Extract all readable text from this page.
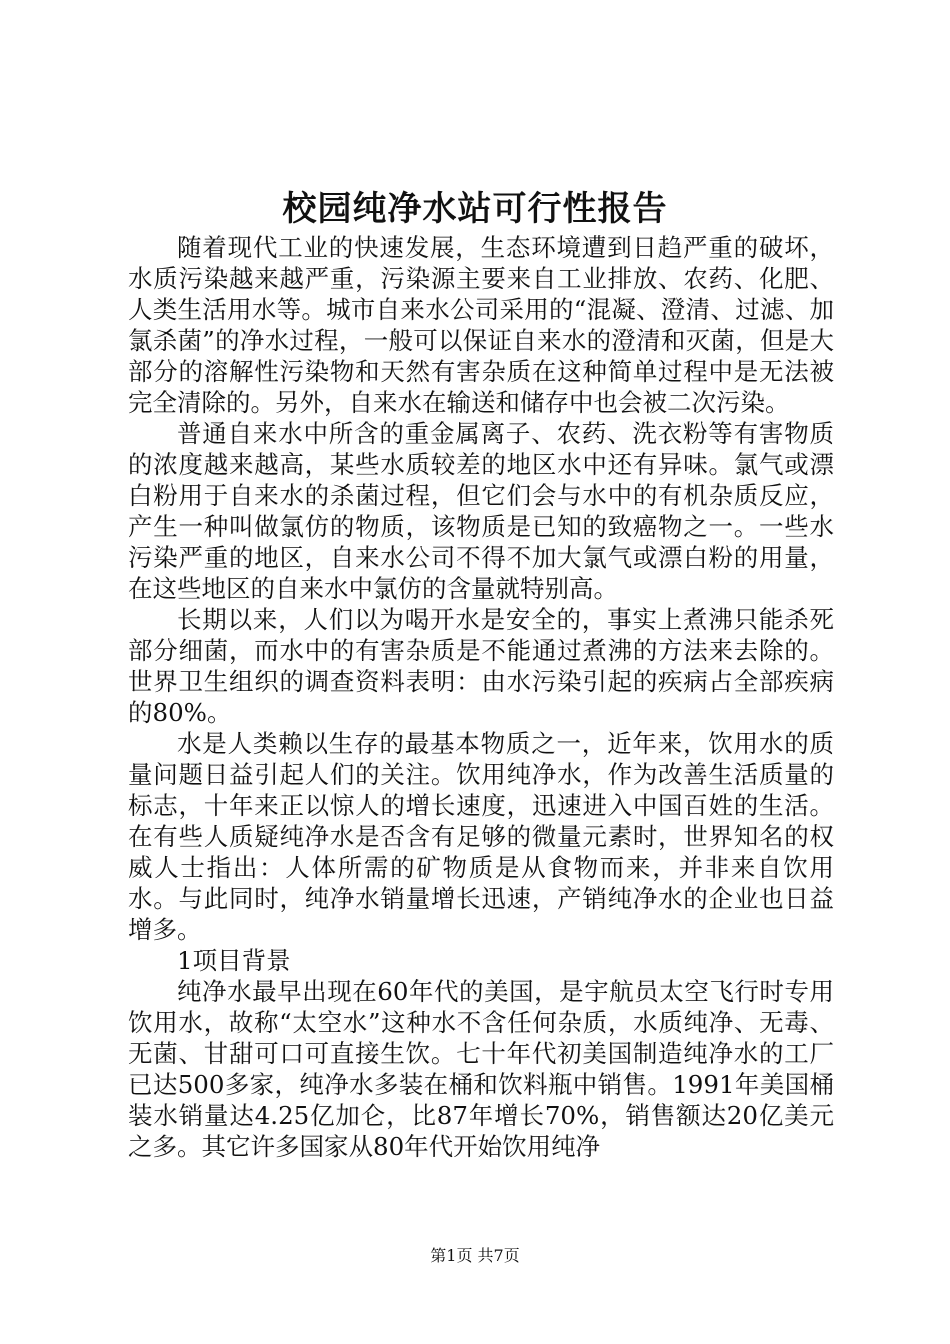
校园纯净水站可行性报告

随着现代工业的快速发展，生态环境遭到日趋严重的破坏，水质污染越来越严重，污染源主要来自工业排放、农药、化肥、人类生活用水等。城市自来水公司采用的“混凝、澄清、过滤、加氯杀菌”的净水过程，一般可以保证自来水的澄清和灭菌，但是大部分的溶解性污染物和天然有害杂质在这种简单过程中是无法被完全清除的。另外，自来水在输送和储存中也会被二次污染。

普通自来水中所含的重金属离子、农药、洗衣粉等有害物质的浓度越来越高，某些水质较差的地区水中还有异味。氯气或漂白粉用于自来水的杀菌过程，但它们会与水中的有机杂质反应，产生一种叫做氯仿的物质，该物质是已知的致癌物之一。一些水污染严重的地区，自来水公司不得不加大氯气或漂白粉的用量，在这些地区的自来水中氯仿的含量就特别高。

长期以来，人们以为喝开水是安全的，事实上煮沸只能杀死部分细菌，而水中的有害杂质是不能通过煮沸的方法来去除的。世界卫生组织的调查资料表明：由水污染引起的疾病占全部疾病的80%。

水是人类赖以生存的最基本物质之一，近年来，饮用水的质量问题日益引起人们的关注。饮用纯净水，作为改善生活质量的标志，十年来正以惊人的增长速度，迅速进入中国百姓的生活。在有些人质疑纯净水是否含有足够的微量元素时，世界知名的权威人士指出：人体所需的矿物质是从食物而来，并非来自饮用水。与此同时，纯净水销量增长迅速，产销纯净水的企业也日益增多。

1项目背景

纯净水最早出现在60年代的美国，是宇航员太空飞行时专用饮用水，故称“太空水”这种水不含任何杂质，水质纯净、无毒、无菌、甘甜可口可直接生饮。七十年代初美国制造纯净水的工厂已达500多家，纯净水多装在桶和饮料瓶中销售。1991年美国桶装水销量达4.25亿加仑，比87年增长70%，销售额达20亿美元之多。其它许多国家从80年代开始饮用纯净

第1页 共7页
